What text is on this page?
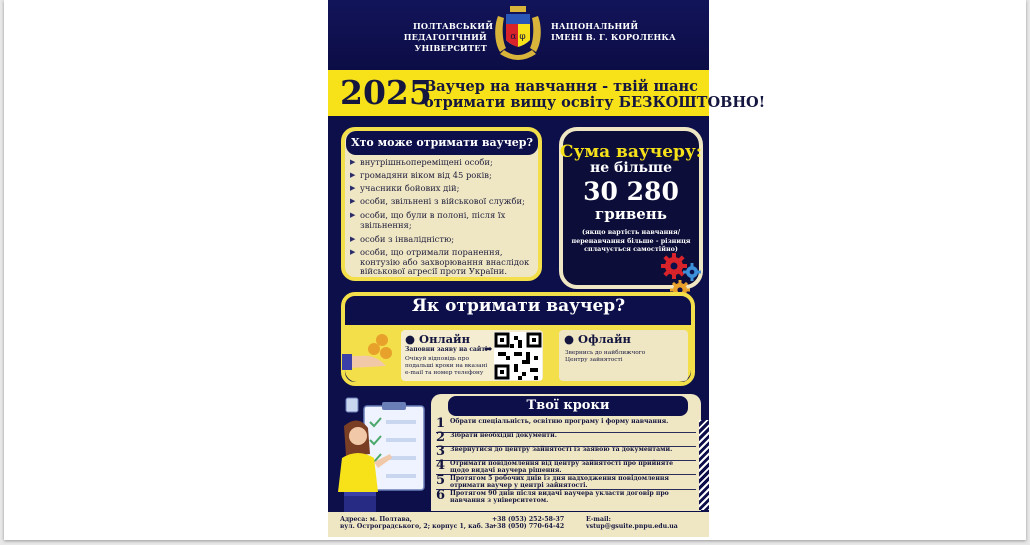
ПОЛТАВСЬКИЙ
ПЕДАГОГІЧНИЙ УНІВЕРСИТЕТ
НАЦІОНАЛЬНИЙ
ІМЕНІ В. Г. КОРОЛЕНКА
α φ
2025
Ваучер на навчання - твій шанс
отримати вищу освіту БЕЗКОШТОВНО!
Хто може отримати ваучер?
▶ внутрішньопереміщені особи;
▶ громадяни віком від 45 років;
▶ учасники бойових дій;
▶ особи, звільнені з військової служби;
▶ особи, що були в полоні, після їх звільнення;
▶ особи з інвалідністю;
▶ особи, що отримали поранення, контузію або захворювання внаслідок військової агресії проти України.
Сума ваучеру:
не більше
30 280
гривень
(якщо вартість навчання/ перенавчання більше - різниця сплачується самостійно)
Як отримати ваучер?
● Онлайн
Заповни заяву на сайті
➡
Очікуй відповідь про подальші кроки на вказані e-mail та номер телефону
● Офлайн
Звернись до найближчого Центру зайнятості
Твої кроки
1 Обрати спеціальність, освітню програму і форму навчання.
2 Зібрати необхідні документи.
3 Звернутися до центру зайнятості із заявою та документами.
4 Отримати повідомлення від центру зайнятості про прийняте щодо видачі ваучера рішення.
5 Протягом 5 робочих днів із дня надходження повідомлення отримати ваучер у центрі зайнятості.
6 Протягом 90 днів після видачі ваучера укласти договір про навчання з університетом.
Адреса: м. Полтава,
вул. Остроградського, 2; корпус 1, каб. 3а
+38 (053) 252-58-37
+38 (050) 770-64-42
E-mail:
vstup@gsuite.pnpu.edu.ua
